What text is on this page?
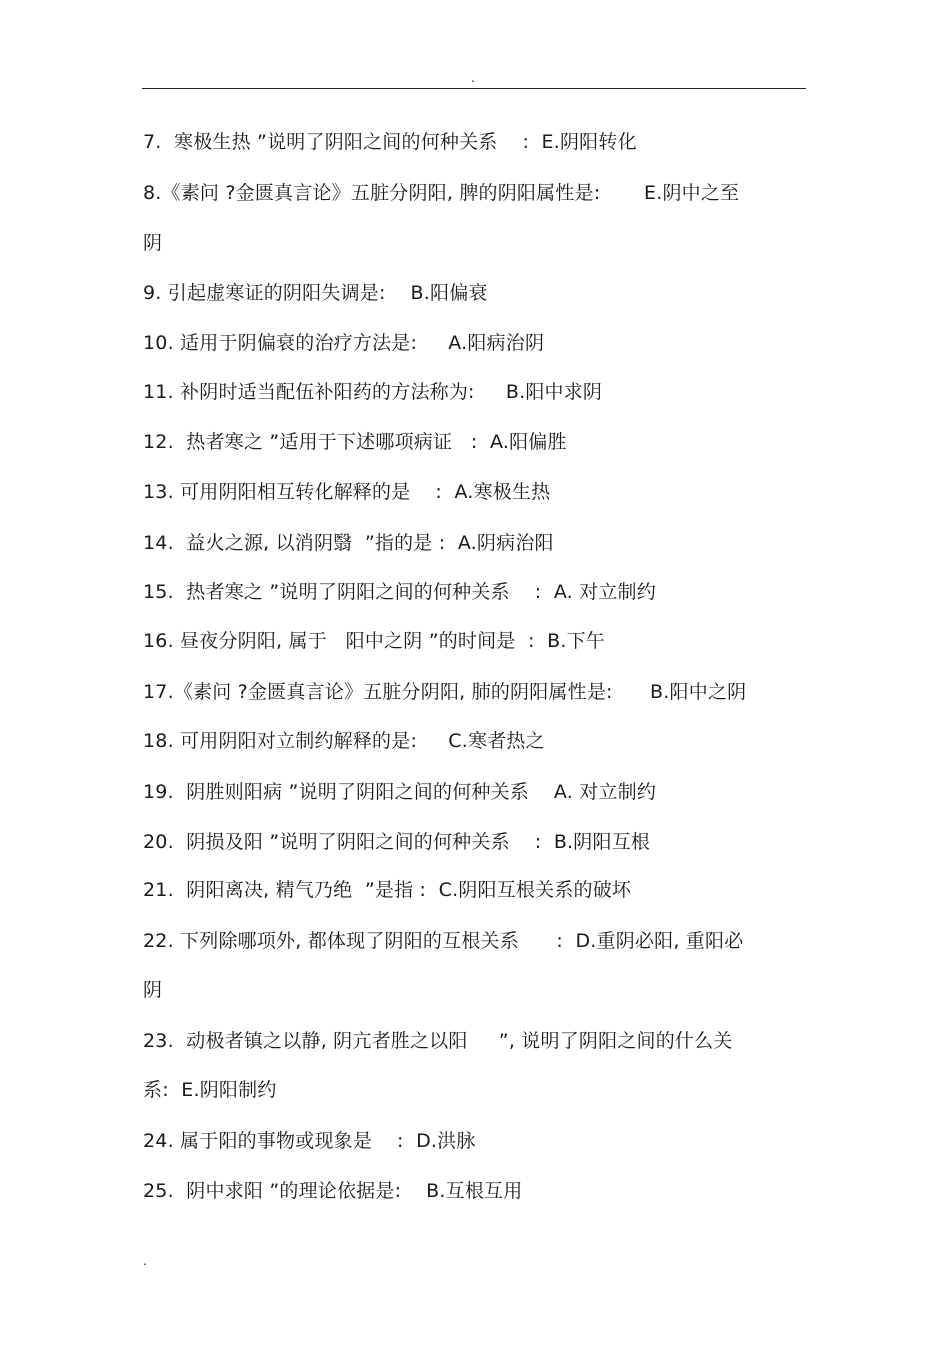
.
7.  寒极生热 ”说明了阴阳之间的何种关系    :  E.阴阳转化
8.《素问 ?金匮真言论》五脏分阴阳, 脾的阴阳属性是:       E.阴中之至
阴
9. 引起虚寒证的阴阳失调是:    B.阳偏衰
10. 适用于阴偏衰的治疗方法是:     A.阳病治阴
11. 补阴时适当配伍补阳药的方法称为:     B.阳中求阴
12.  热者寒之 ”适用于下述哪项病证   :  A.阳偏胜
13. 可用阴阳相互转化解释的是    :  A.寒极生热
14.  益火之源, 以消阴翳  ”指的是 :  A.阴病治阳
15.  热者寒之 ”说明了阴阳之间的何种关系    :  A. 对立制约
16. 昼夜分阴阳, 属于   阳中之阴 ”的时间是  :  B.下午
17.《素问 ?金匮真言论》五脏分阴阳, 肺的阴阳属性是:      B.阳中之阴
18. 可用阴阳对立制约解释的是:     C.寒者热之
19.  阴胜则阳病 ”说明了阴阳之间的何种关系    A. 对立制约
20.  阴损及阳 ”说明了阴阳之间的何种关系    :  B.阴阳互根
21.  阴阳离决, 精气乃绝  ”是指 :  C.阴阳互根关系的破坏
22. 下列除哪项外, 都体现了阴阳的互根关系      :  D.重阴必阳, 重阳必
阴
23.  动极者镇之以静, 阴亢者胜之以阳     ”, 说明了阴阳之间的什么关
系:  E.阴阳制约
24. 属于阳的事物或现象是    :  D.洪脉
25.  阴中求阳 ”的理论依据是:    B.互根互用
.
